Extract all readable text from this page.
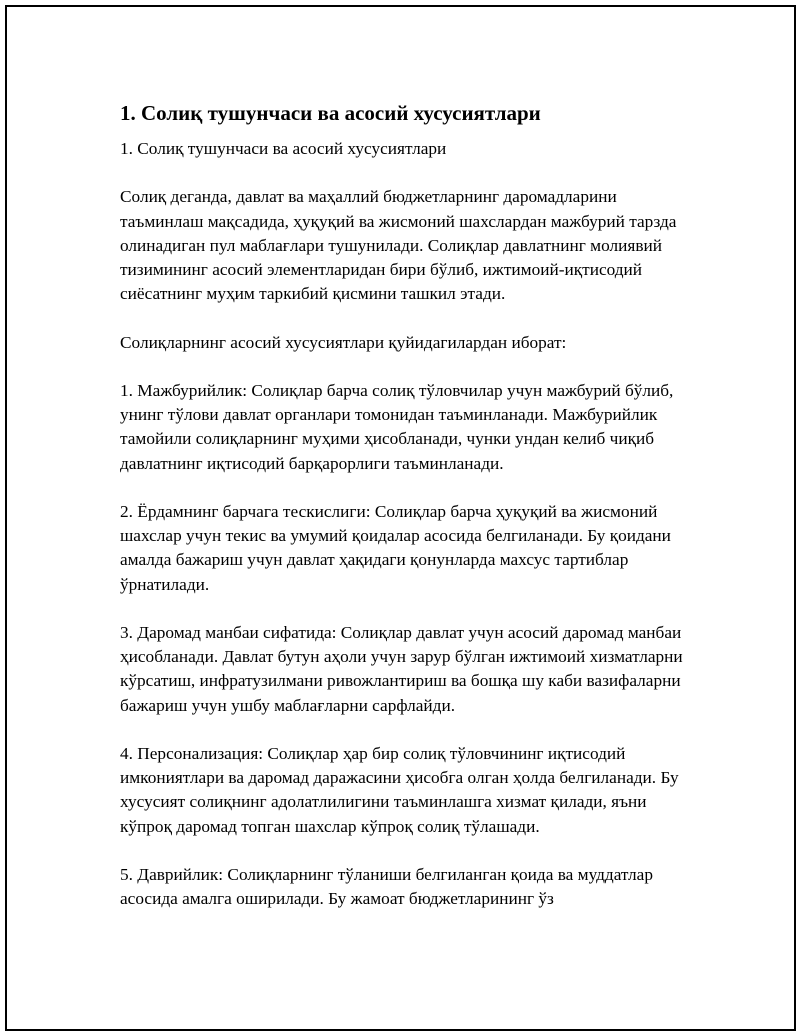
1. Солиқ тушунчаси ва асосий хусусиятлари

1. Солиқ тушунчаси ва асосий хусусиятлари

Солиқ деганда, давлат ва маҳаллий бюджетларнинг даромадларини таъминлаш мақсадида, ҳуқуқий ва жисмоний шахслардан мажбурий тарзда олинадиган пул маблағлари тушунилади. Солиқлар давлатнинг молиявий тизимининг асосий элементларидан бири бўлиб, ижтимоий-иқтисодий сиёсатнинг муҳим таркибий қисмини ташкил этади.

Солиқларнинг асосий хусусиятлари қуйидагилардан иборат:

1. Мажбурийлик: Солиқлар барча солиқ тўловчилар учун мажбурий бўлиб, унинг тўлови давлат органлари томонидан таъминланади. Мажбурийлик тамойили солиқларнинг муҳими ҳисобланади, чунки ундан келиб чиқиб давлатнинг иқтисодий барқарорлиги таъминланади.

2. Ёрдамнинг барчага тескислиги: Солиқлар барча ҳуқуқий ва жисмоний шахслар учун текис ва умумий қоидалар асосида белгиланади. Бу қоидани амалда бажариш учун давлат ҳақидаги қонунларда махсус тартиблар ўрнатилади.

3. Даромад манбаи сифатида: Солиқлар давлат учун асосий даромад манбаи ҳисобланади. Давлат бутун аҳоли учун зарур бўлган ижтимоий хизматларни кўрсатиш, инфратузилмани ривожлантириш ва бошқа шу каби вазифаларни бажариш учун ушбу маблағларни сарфлайди.

4. Персонализация: Солиқлар ҳар бир солиқ тўловчининг иқтисодий имкониятлари ва даромад даражасини ҳисобга олган ҳолда белгиланади. Бу хусусият солиқнинг адолатлилигини таъминлашга хизмат қилади, яъни кўпроқ даромад топган шахслар кўпроқ солиқ тўлашади.

5. Даврийлик: Солиқларнинг тўланиши белгиланган қоида ва муддатлар асосида амалга оширилади. Бу жамоат бюджетларининг ўз
